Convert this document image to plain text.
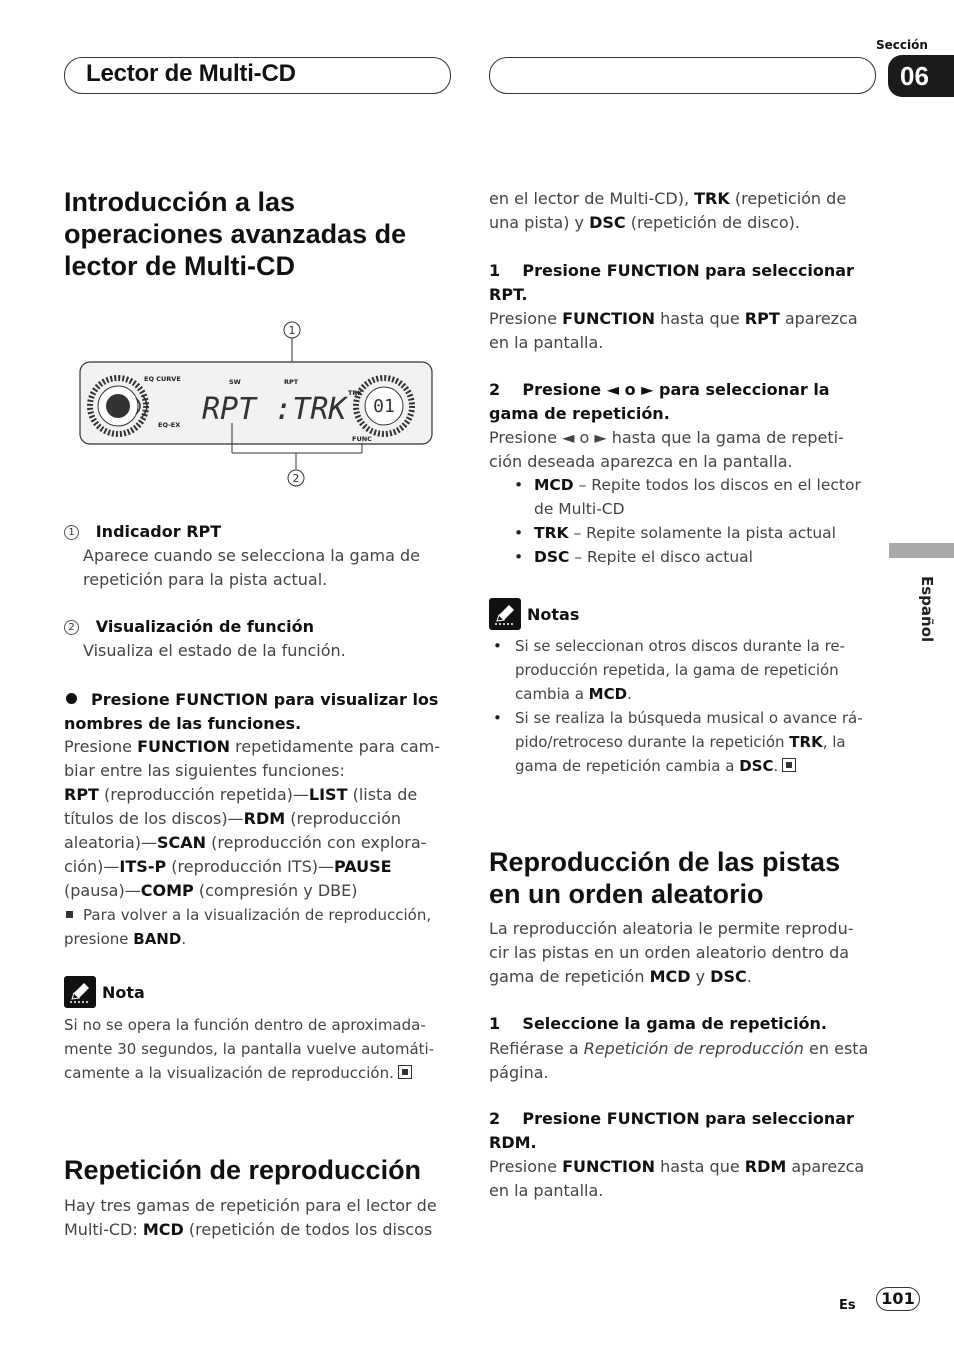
Lector de Multi-CD
Sección
06
Español
Introducción a las
operaciones avanzadas de
lector de Multi-CD
1
01
EQ CURVE	SW	RPT
TRK
EQ-EX
FUNC
RPT :TRK
2
1 Indicador RPT
Aparece cuando se selecciona la gama de
repetición para la pista actual.
2 Visualización de función
Visualiza el estado de la función.
Presione FUNCTION para visualizar los
nombres de las funciones.
Presione FUNCTION repetidamente para cam-
biar entre las siguientes funciones:
RPT (reproducción repetida)—LIST (lista de
títulos de los discos)—RDM (reproducción
aleatoria)—SCAN (reproducción con explora-
ción)—ITS-P (reproducción ITS)—PAUSE
(pausa)—COMP (compresión y DBE)
Para volver a la visualización de reproducción,
presione BAND.
Nota
Si no se opera la función dentro de aproximada-
mente 30 segundos, la pantalla vuelve automáti-
camente a la visualización de reproducción.
Repetición de reproducción
Hay tres gamas de repetición para el lector de
Multi-CD: MCD (repetición de todos los discos
en el lector de Multi-CD), TRK (repetición de
una pista) y DSC (repetición de disco).
1    Presione FUNCTION para seleccionar
RPT.
Presione FUNCTION hasta que RPT aparezca
en la pantalla.
2    Presione ◄ o ► para seleccionar la
gama de repetición.
Presione ◄ o ► hasta que la gama de repeti-
ción deseada aparezca en la pantalla.
• MCD – Repite todos los discos en el lector
de Multi-CD
• TRK – Repite solamente la pista actual
• DSC – Repite el disco actual
Notas
• Si se seleccionan otros discos durante la re-
producción repetida, la gama de repetición
cambia a MCD.
• Si se realiza la búsqueda musical o avance rá-
pido/retroceso durante la repetición TRK, la
gama de repetición cambia a DSC.
Reproducción de las pistas
en un orden aleatorio
La reproducción aleatoria le permite reprodu-
cir las pistas en un orden aleatorio dentro da
gama de repetición MCD y DSC.
1    Seleccione la gama de repetición.
Refiérase a Repetición de reproducción en esta
página.
2    Presione FUNCTION para seleccionar
RDM.
Presione FUNCTION hasta que RDM aparezca
en la pantalla.
Es	101
